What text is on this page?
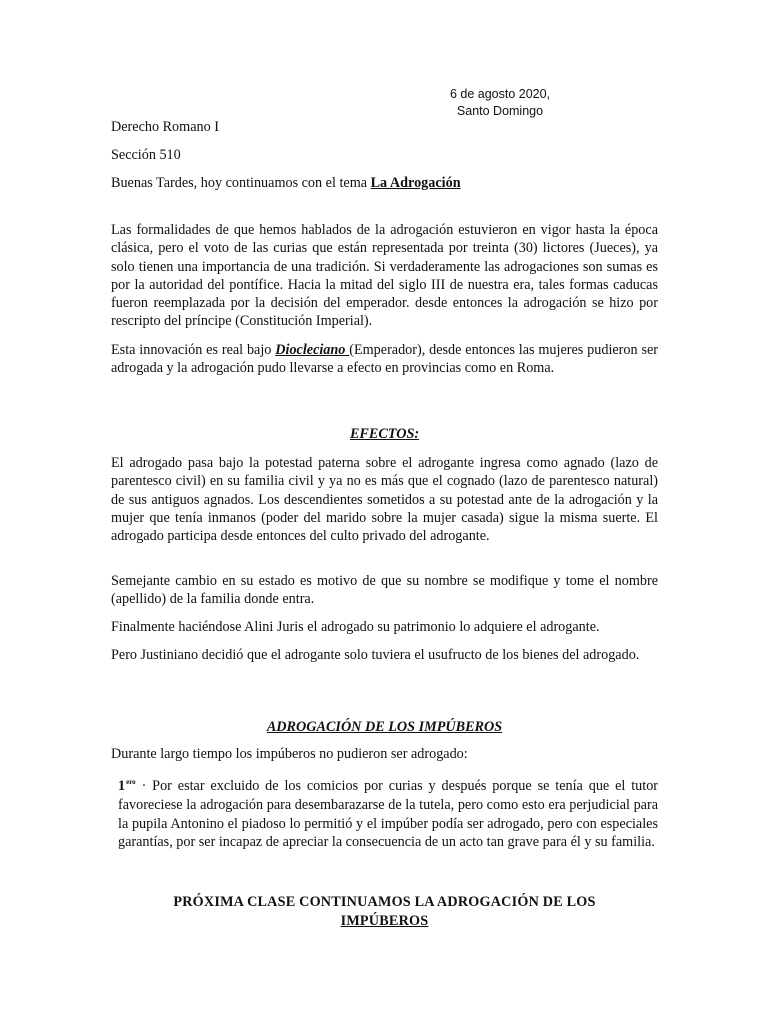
6 de agosto 2020,
Santo Domingo
Derecho Romano I
Sección 510
Buenas Tardes, hoy continuamos con el tema La Adrogación
Las formalidades de que hemos hablados de la adrogación estuvieron en vigor hasta la época clásica, pero el voto de las curias que están representada por treinta (30) lictores (Jueces), ya solo tienen una importancia de una tradición. Si verdaderamente las adrogaciones son sumas es por la autoridad del pontífice. Hacia la mitad del siglo III de nuestra era, tales formas caducas fueron reemplazada por la decisión del emperador. desde entonces la adrogación se hizo por rescripto del príncipe (Constitución Imperial).
Esta innovación es real bajo Diocleciano (Emperador), desde entonces las mujeres pudieron ser adrogada y la adrogación pudo llevarse a efecto en provincias como en Roma.
EFECTOS:
El adrogado pasa bajo la potestad paterna sobre el adrogante ingresa como agnado (lazo de parentesco civil) en su familia civil y ya no es más que el cognado (lazo de parentesco natural) de sus antiguos agnados. Los descendientes sometidos a su potestad ante de la adrogación y la mujer que tenía inmanos (poder del marido sobre la mujer casada) sigue la misma suerte. El adrogado participa desde entonces del culto privado del adrogante.
Semejante cambio en su estado es motivo de que su nombre se modifique y tome el nombre (apellido) de la familia donde entra.
Finalmente haciéndose Alini Juris el adrogado su patrimonio lo adquiere el adrogante.
Pero Justiniano decidió que el adrogante solo tuviera el usufructo de los bienes del adrogado.
ADROGACIÓN DE LOS IMPÚBEROS
Durante largo tiempo los impúberos no pudieron ser adrogado:
$1^{ero}$ · Por estar excluido de los comicios por curias y después porque se tenía que el tutor favoreciese la adrogación para desembarazarse de la tutela, pero como esto era perjudicial para la pupila Antonino el piadoso lo permitió y el impúber podía ser adrogado, pero con especiales garantías, por ser incapaz de apreciar la consecuencia de un acto tan grave para él y su familia.
PRÓXIMA CLASE CONTINUAMOS LA ADROGACIÓN DE LOS
IMPÚBEROS
